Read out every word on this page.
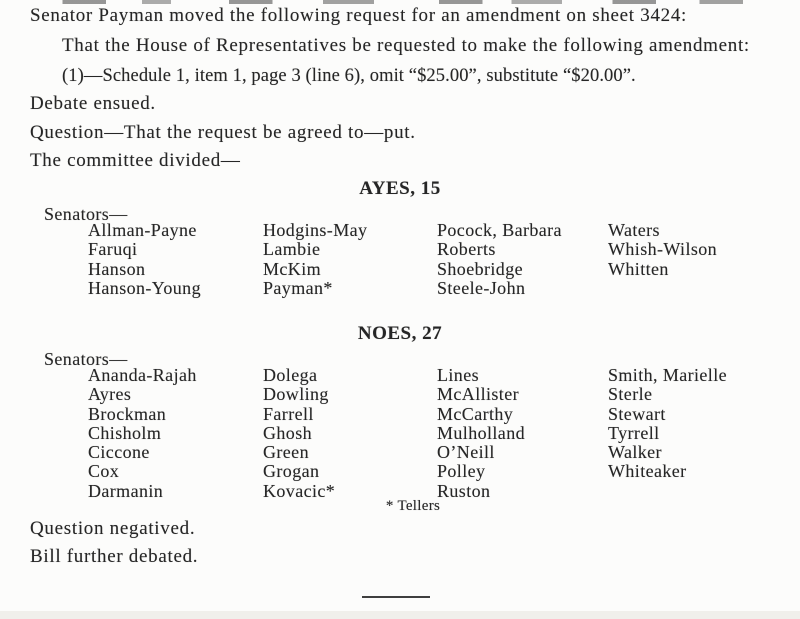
Senator Payman moved the following request for an amendment on sheet 3424:
That the House of Representatives be requested to make the following amendment:
(1)—Schedule 1, item 1, page 3 (line 6), omit “$25.00”, substitute “$20.00”.
Debate ensued.
Question—That the request be agreed to—put.
The committee divided—
AYES, 15
Senators—
Allman-Payne
Faruqi
Hanson
Hanson-Young
Hodgins-May
Lambie
McKim
Payman*
Pocock, Barbara
Roberts
Shoebridge
Steele-John
Waters
Whish-Wilson
Whitten
NOES, 27
Senators—
Ananda-Rajah
Ayres
Brockman
Chisholm
Ciccone
Cox
Darmanin
Dolega
Dowling
Farrell
Ghosh
Green
Grogan
Kovacic*
Lines
McAllister
McCarthy
Mulholland
O’Neill
Polley
Ruston
Smith, Marielle
Sterle
Stewart
Tyrrell
Walker
Whiteaker
* Tellers
Question negatived.
Bill further debated.
